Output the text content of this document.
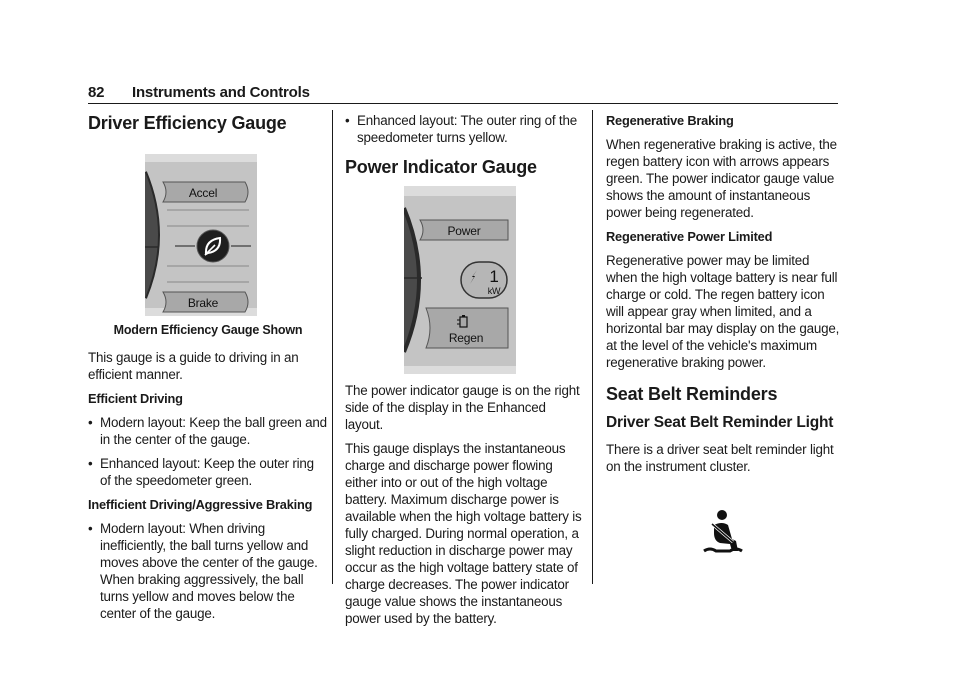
82 Instruments and Controls
Driver Efficiency Gauge
Accel
Brake
Modern Efficiency Gauge Shown

This gauge is a guide to driving in an efficient manner.

Efficient Driving
• Modern layout: Keep the ball green and in the center of the gauge.
• Enhanced layout: Keep the outer ring of the speedometer green.
Inefficient Driving/Aggressive Braking
• Modern layout: When driving inefficiently, the ball turns yellow and moves above the center of the gauge. When braking aggressively, the ball turns yellow and moves below the center of the gauge.
• Enhanced layout: The outer ring of the speedometer turns yellow.
Power Indicator Gauge
Power
1
kW
Regen

The power indicator gauge is on the right side of the display in the Enhanced layout.

This gauge displays the instantaneous charge and discharge power flowing either into or out of the high voltage battery. Maximum discharge power is available when the high voltage battery is fully charged. During normal operation, a slight reduction in discharge power may occur as the high voltage battery state of charge decreases. The power indicator gauge value shows the instantaneous power used by the battery.

Regenerative Braking

When regenerative braking is active, the regen battery icon with arrows appears green. The power indicator gauge value shows the amount of instantaneous power being regenerated.

Regenerative Power Limited

Regenerative power may be limited when the high voltage battery is near full charge or cold. The regen battery icon will appear gray when limited, and a horizontal bar may display on the gauge, at the level of the vehicle's maximum regenerative braking power.

Seat Belt Reminders
Driver Seat Belt Reminder Light

There is a driver seat belt reminder light on the instrument cluster.
